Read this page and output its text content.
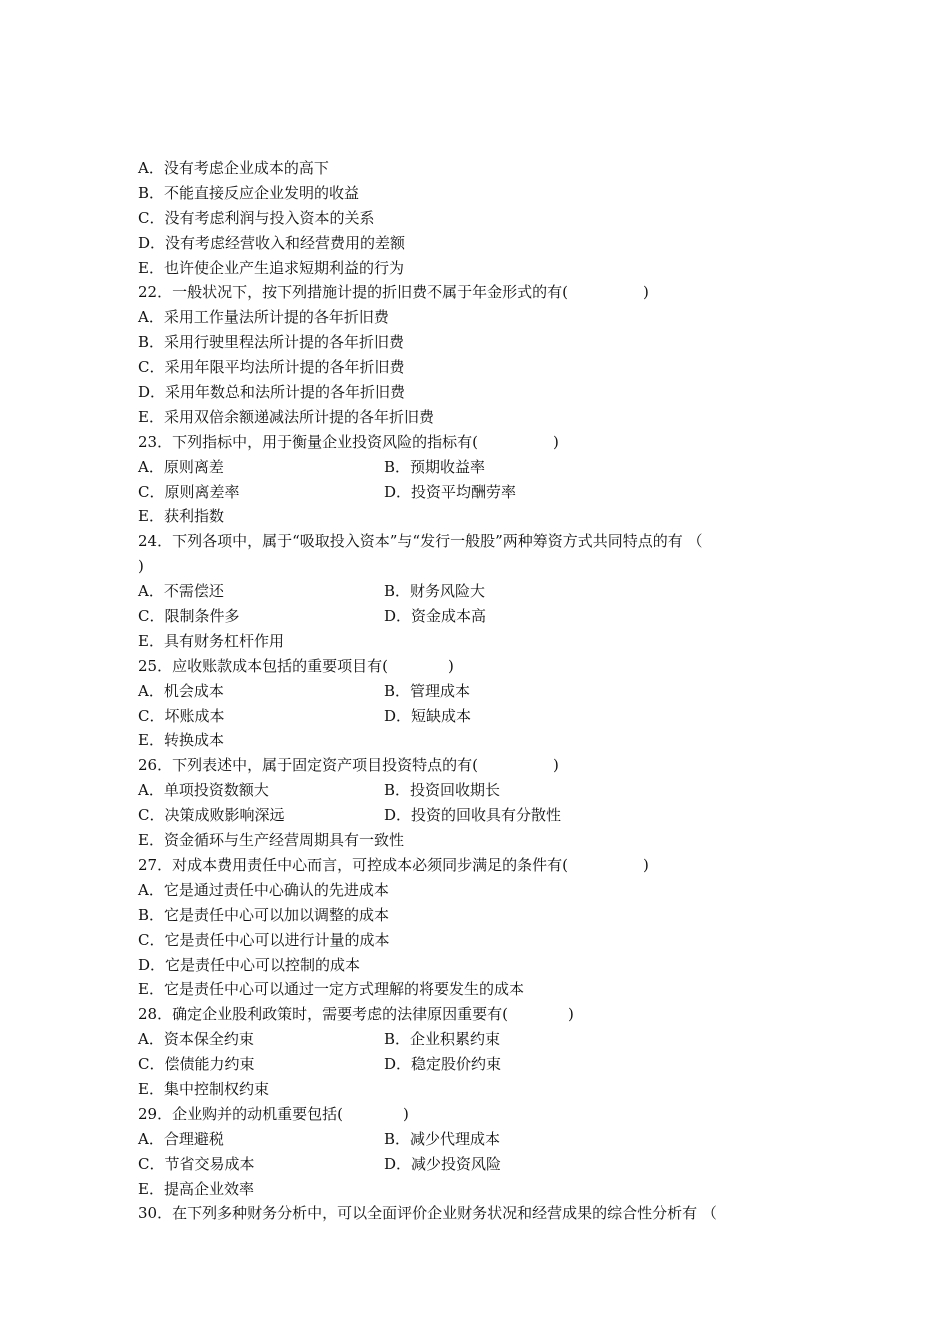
A．没有考虑企业成本的高下
B．不能直接反应企业发明的收益
C．没有考虑利润与投入资本的关系
D．没有考虑经营收入和经营费用的差额
E．也许使企业产生追求短期利益的行为
22．一般状况下，按下列措施计提的折旧费不属于年金形式的有(　　　　　)
A．采用工作量法所计提的各年折旧费
B．采用行驶里程法所计提的各年折旧费
C．采用年限平均法所计提的各年折旧费
D．采用年数总和法所计提的各年折旧费
E．采用双倍余额递减法所计提的各年折旧费
23．下列指标中，用于衡量企业投资风险的指标有(　　　　　)
A．原则离差	B．预期收益率
C．原则离差率	D．投资平均酬劳率
E．获利指数
24．下列各项中，属于“吸取投入资本”与“发行一般股”两种筹资方式共同特点的有 （
)
A．不需偿还	B．财务风险大
C．限制条件多	D．资金成本高
E．具有财务杠杆作用
25．应收账款成本包括的重要项目有(　　　　)
A．机会成本	B．管理成本
C．坏账成本	D．短缺成本
E．转换成本
26．下列表述中，属于固定资产项目投资特点的有(　　　　　)
A．单项投资数额大	B．投资回收期长
C．决策成败影响深远	D．投资的回收具有分散性
E．资金循环与生产经营周期具有一致性
27．对成本费用责任中心而言，可控成本必须同步满足的条件有(　　　　　)
A．它是通过责任中心确认的先进成本
B．它是责任中心可以加以调整的成本
C．它是责任中心可以进行计量的成本
D．它是责任中心可以控制的成本
E．它是责任中心可以通过一定方式理解的将要发生的成本
28．确定企业股利政策时，需要考虑的法律原因重要有(　　　　)
A．资本保全约束	B．企业积累约束
C．偿债能力约束	D．稳定股价约束
E．集中控制权约束
29．企业购并的动机重要包括(　　　　)
A．合理避税	B．减少代理成本
C．节省交易成本	D．减少投资风险
E．提高企业效率
30．在下列多种财务分析中，可以全面评价企业财务状况和经营成果的综合性分析有 （
